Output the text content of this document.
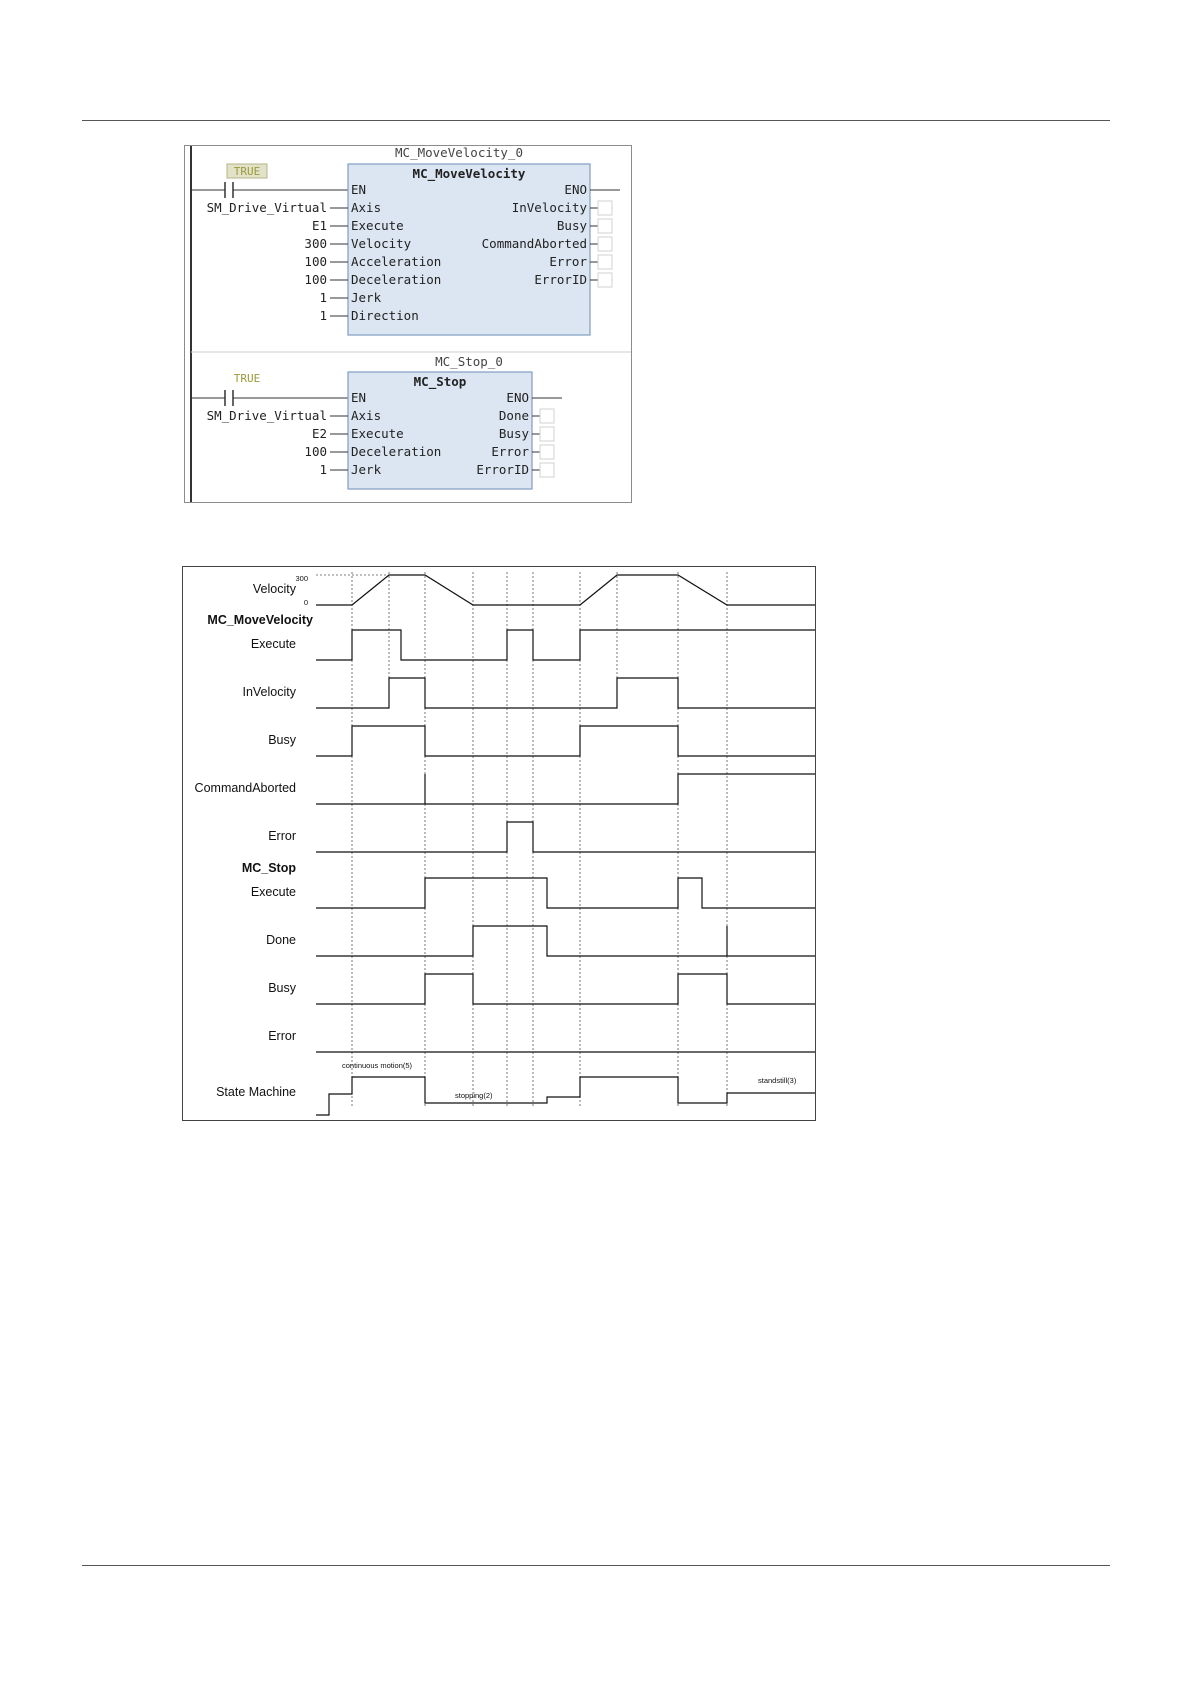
MC_MoveVelocity_0
TRUE	MC_MoveVelocity
EN
Axis
Execute
Velocity
Acceleration
Deceleration
Jerk
Direction
SM_Drive_Virtual
E1
300
100
100
1
1
ENO
InVelocity
Busy
CommandAborted
Error
ErrorID
MC_Stop_0
TRUE	MC_Stop
EN
Axis
Execute
Deceleration
Jerk
SM_Drive_Virtual
E2
100
1
ENO
Done
Busy
Error
ErrorID
Velocity
300
0
MC_MoveVelocity
Execute
InVelocity
Busy
CommandAborted
Error
MC_Stop
Execute
Done
Busy
Error
State Machine
continuous motion(5)
stopping(2)
standstill(3)
